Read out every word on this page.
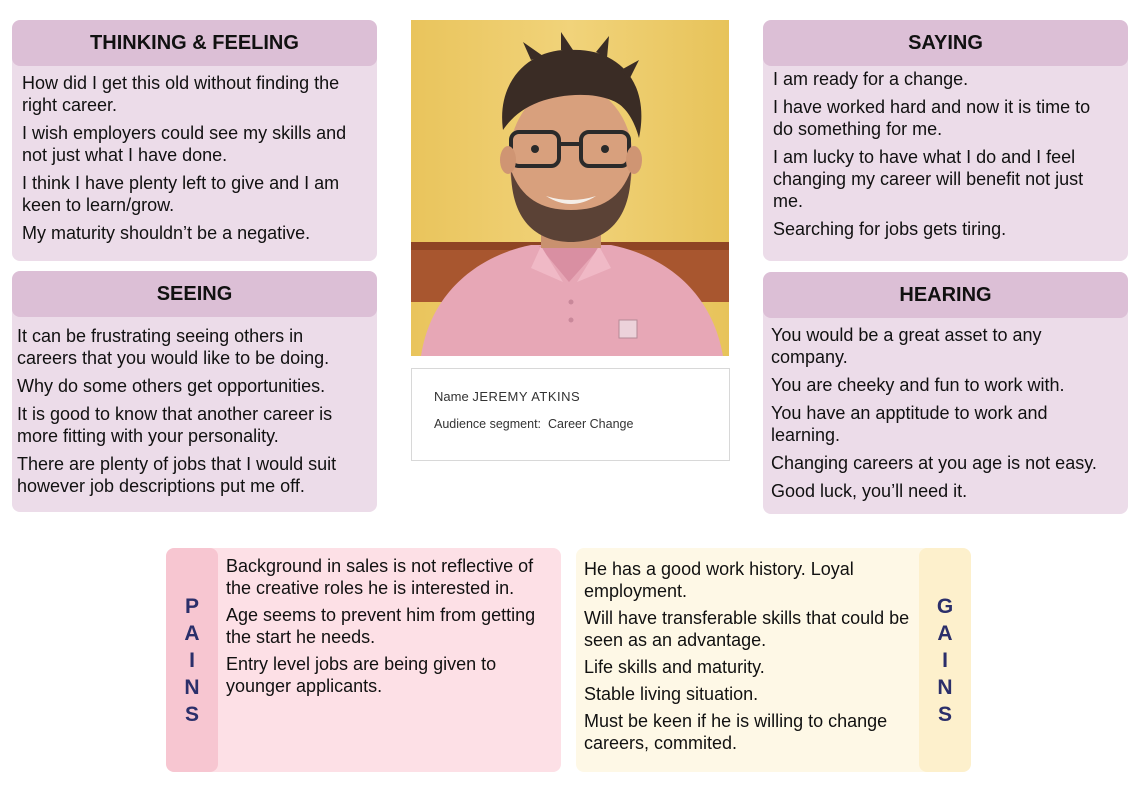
THINKING & FEELING

How did I get this old without finding the right career.

I wish employers could see my skills and not just what I have done.

I think I have plenty left to give and I am keen to learn/grow.

My maturity shouldn’t be a negative.

SEEING

It can be frustrating seeing others in careers that you would like to be doing.

Why do some others get opportunities.

It is good to know that another career is more fitting with your personality.

There are plenty of jobs that I would suit however job descriptions put me off.

SAYING

I am ready for a change.

I have worked hard and now it is time to do something for me.

I am lucky to have what I do and I feel changing my career will benefit not just me.

Searching for jobs gets tiring.

HEARING

You would be a great asset to any company.

You are cheeky and fun to work with.

You have an apptitude to work and learning.

Changing careers at you age is not easy.

Good luck, you’ll need it.

Name JEREMY ATKINS
Audience segment: Career Change
P
A
I
N
S

Background in sales is not reflective of the creative roles he is interested in.

Age seems to prevent him from getting the start he needs.

Entry level jobs are being given to younger applicants.

He has a good work history. Loyal employment.

Will have transferable skills that could be seen as an advantage.

Life skills and maturity.

Stable living situation.

Must be keen if he is willing to change careers, commited.

G
A
I
N
S
